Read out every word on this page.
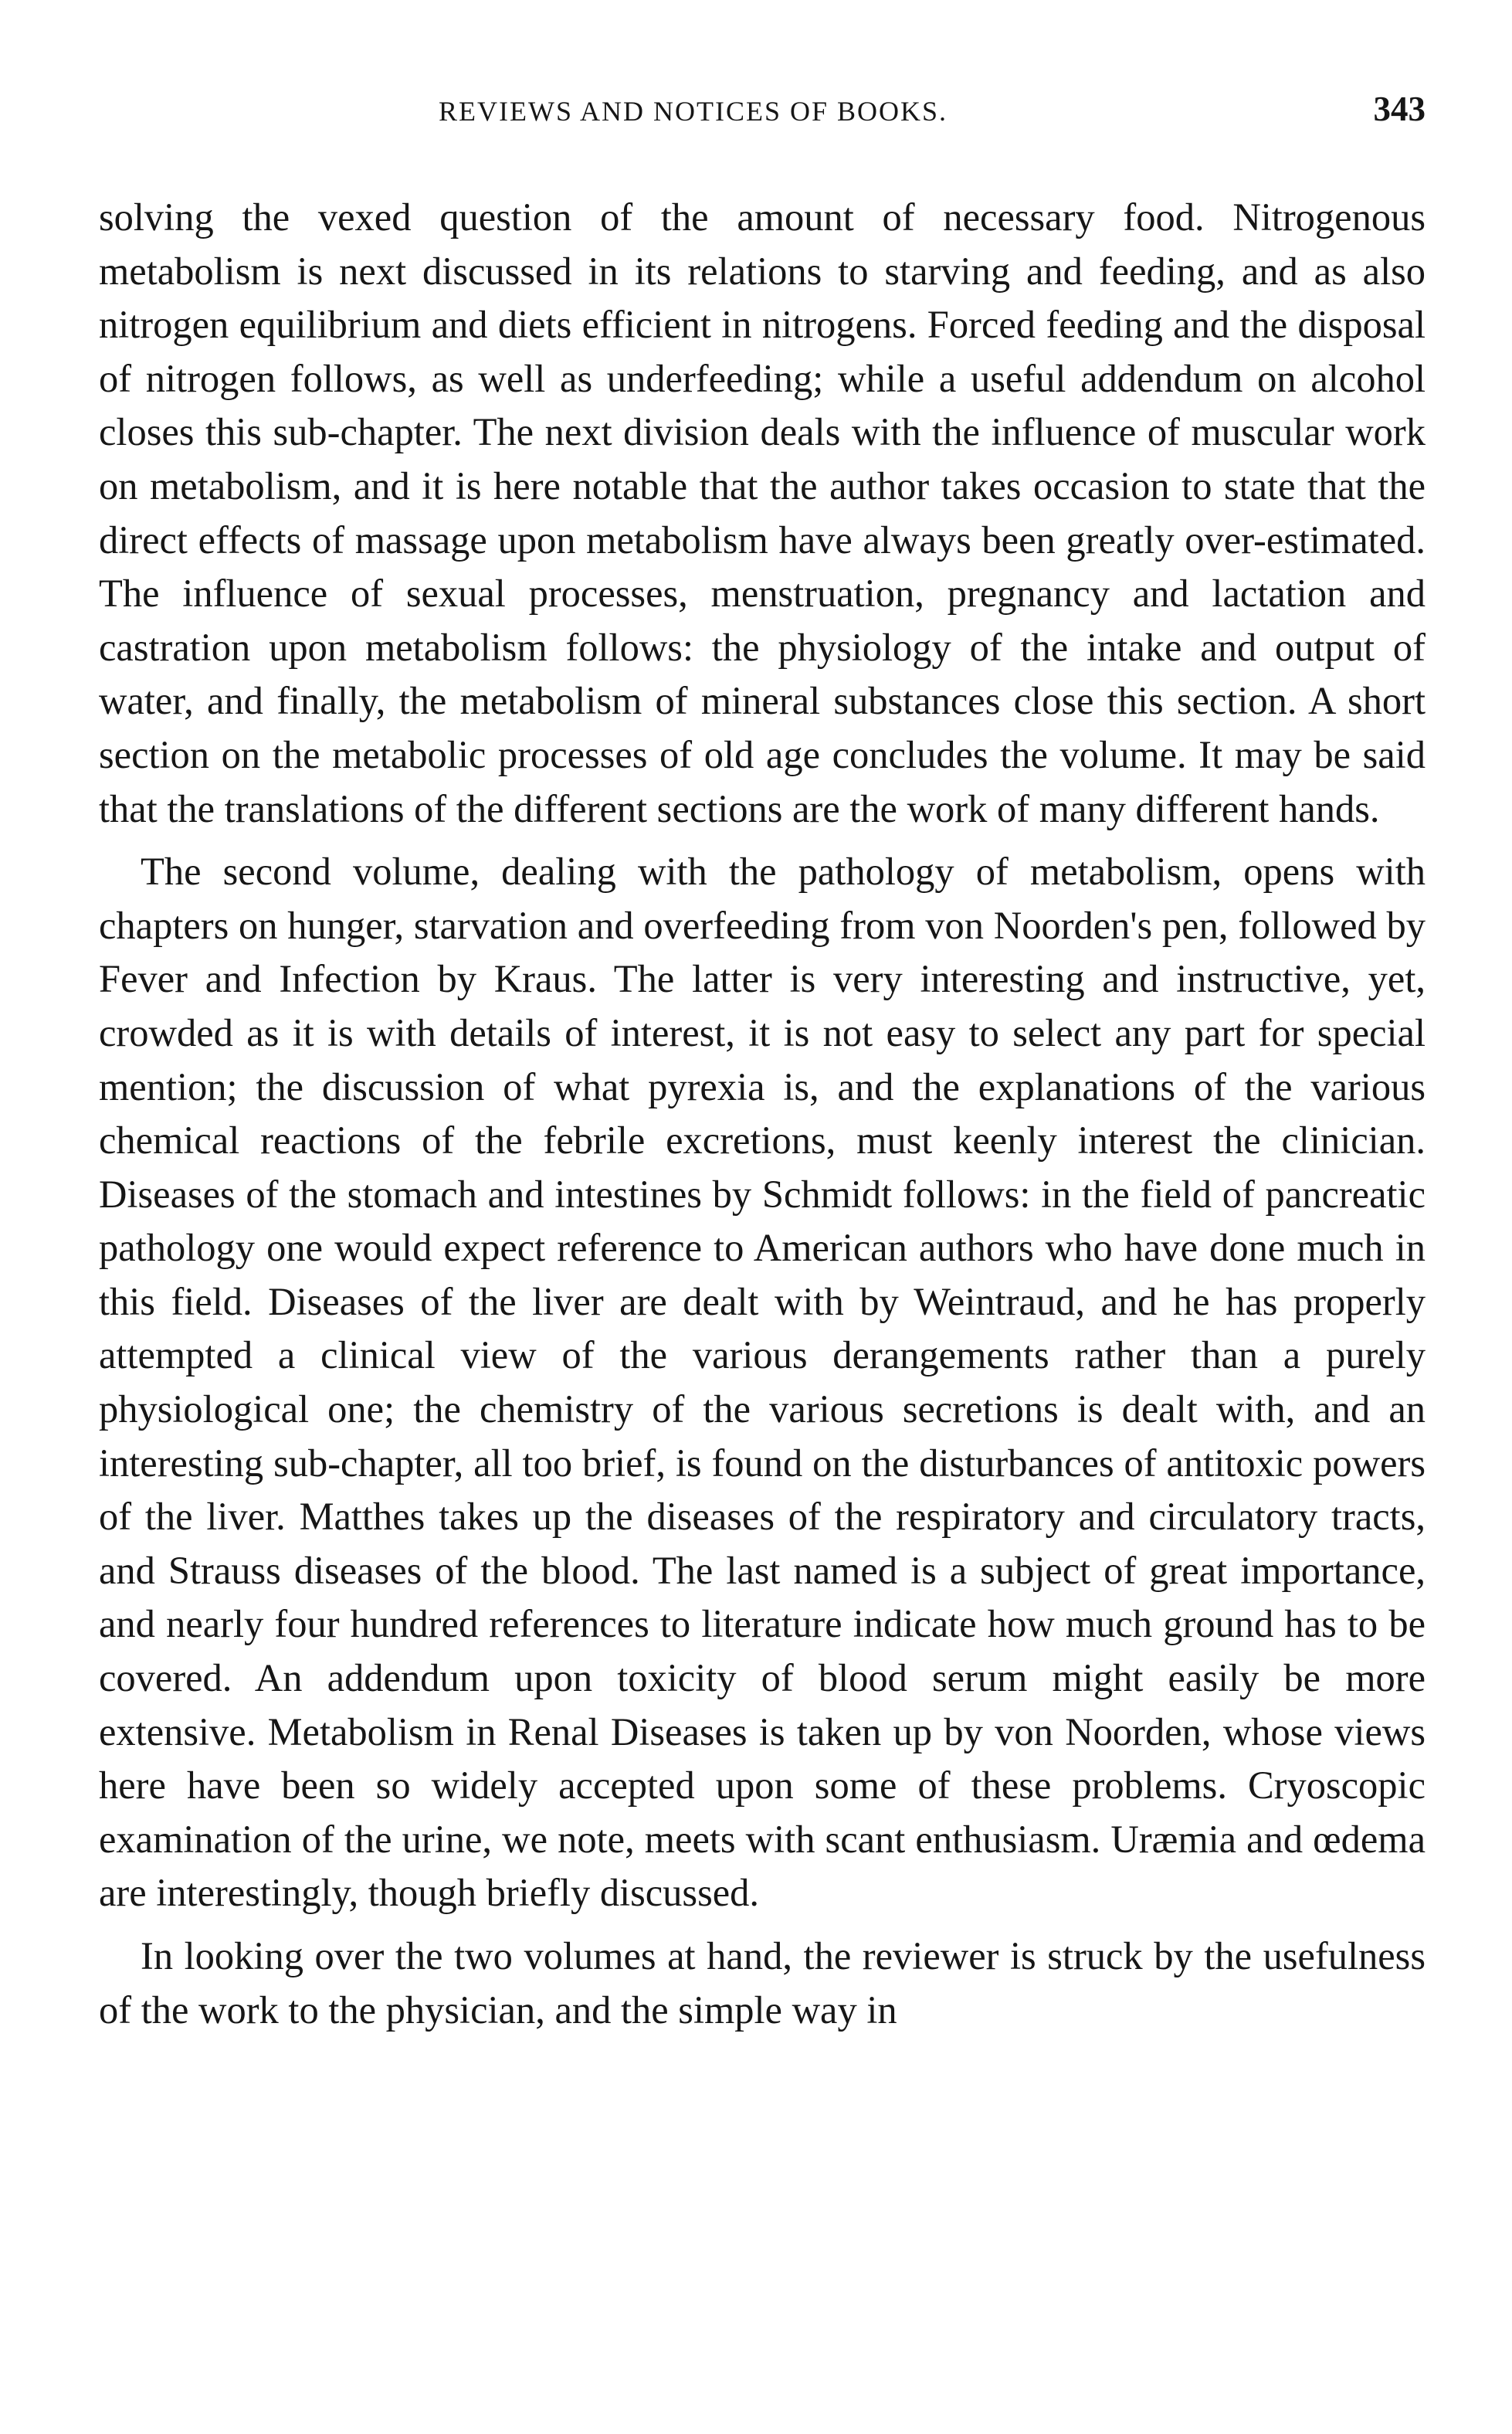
REVIEWS AND NOTICES OF BOOKS.	343

solving the vexed question of the amount of necessary food. Nitrogenous metabolism is next discussed in its relations to starving and feeding, and as also nitrogen equilibrium and diets efficient in nitrogens. Forced feeding and the disposal of nitrogen follows, as well as underfeeding; while a useful addendum on alcohol closes this sub-chapter. The next division deals with the influence of muscular work on metabolism, and it is here notable that the author takes occasion to state that the direct effects of massage upon metabolism have always been greatly over-estimated. The influence of sexual processes, menstruation, pregnancy and lactation and castration upon metabolism follows: the physiology of the intake and output of water, and finally, the metabolism of mineral substances close this section. A short section on the metabolic processes of old age concludes the volume. It may be said that the translations of the different sections are the work of many different hands.

The second volume, dealing with the pathology of metabolism, opens with chapters on hunger, starvation and overfeeding from von Noorden's pen, followed by Fever and Infection by Kraus. The latter is very interesting and instructive, yet, crowded as it is with details of interest, it is not easy to select any part for special mention; the discussion of what pyrexia is, and the explanations of the various chemical reactions of the febrile excretions, must keenly interest the clinician. Diseases of the stomach and intestines by Schmidt follows: in the field of pancreatic pathology one would expect reference to American authors who have done much in this field. Diseases of the liver are dealt with by Weintraud, and he has properly attempted a clinical view of the various derangements rather than a purely physiological one; the chemistry of the various secretions is dealt with, and an interesting sub-chapter, all too brief, is found on the disturbances of antitoxic powers of the liver. Matthes takes up the diseases of the respiratory and circulatory tracts, and Strauss diseases of the blood. The last named is a subject of great importance, and nearly four hundred references to literature indicate how much ground has to be covered. An addendum upon toxicity of blood serum might easily be more extensive. Metabolism in Renal Diseases is taken up by von Noorden, whose views here have been so widely accepted upon some of these problems. Cryoscopic examination of the urine, we note, meets with scant enthusiasm. Uræmia and œdema are interestingly, though briefly discussed.

In looking over the two volumes at hand, the reviewer is struck by the usefulness of the work to the physician, and the simple way in
